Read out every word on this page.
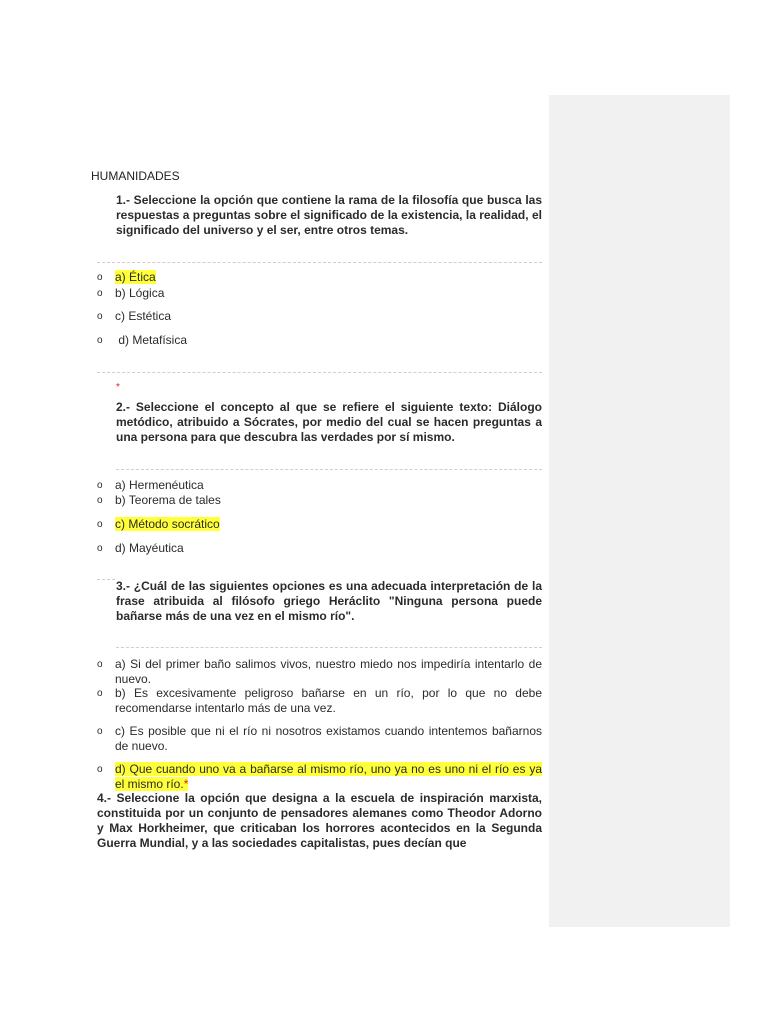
HUMANIDADES
1.- Seleccione la opción que contiene la rama de la filosofía que busca las respuestas a preguntas sobre el significado de la existencia, la realidad, el significado del universo y el ser, entre otros temas.
o a) Ética
o b) Lógica
o c) Estética
o d) Metafísica
*
2.- Seleccione el concepto al que se refiere el siguiente texto: Diálogo metódico, atribuido a Sócrates, por medio del cual se hacen preguntas a una persona para que descubra las verdades por sí mismo.
o a) Hermenéutica
o b) Teorema de tales
o c) Método socrático
o d) Mayéutica
3.- ¿Cuál de las siguientes opciones es una adecuada interpretación de la frase atribuida al filósofo griego Heráclito "Ninguna persona puede bañarse más de una vez en el mismo río".
o a) Si del primer baño salimos vivos, nuestro miedo nos impediría intentarlo de nuevo.
o b) Es excesivamente peligroso bañarse en un río, por lo que no debe recomendarse intentarlo más de una vez.
o c) Es posible que ni el río ni nosotros existamos cuando intentemos bañarnos de nuevo.
o d) Que cuando uno va a bañarse al mismo río, uno ya no es uno ni el río es ya el mismo río.*
4.- Seleccione la opción que designa a la escuela de inspiración marxista, constituida por un conjunto de pensadores alemanes como Theodor Adorno y Max Horkheimer, que criticaban los horrores acontecidos en la Segunda Guerra Mundial, y a las sociedades capitalistas, pues decían que
